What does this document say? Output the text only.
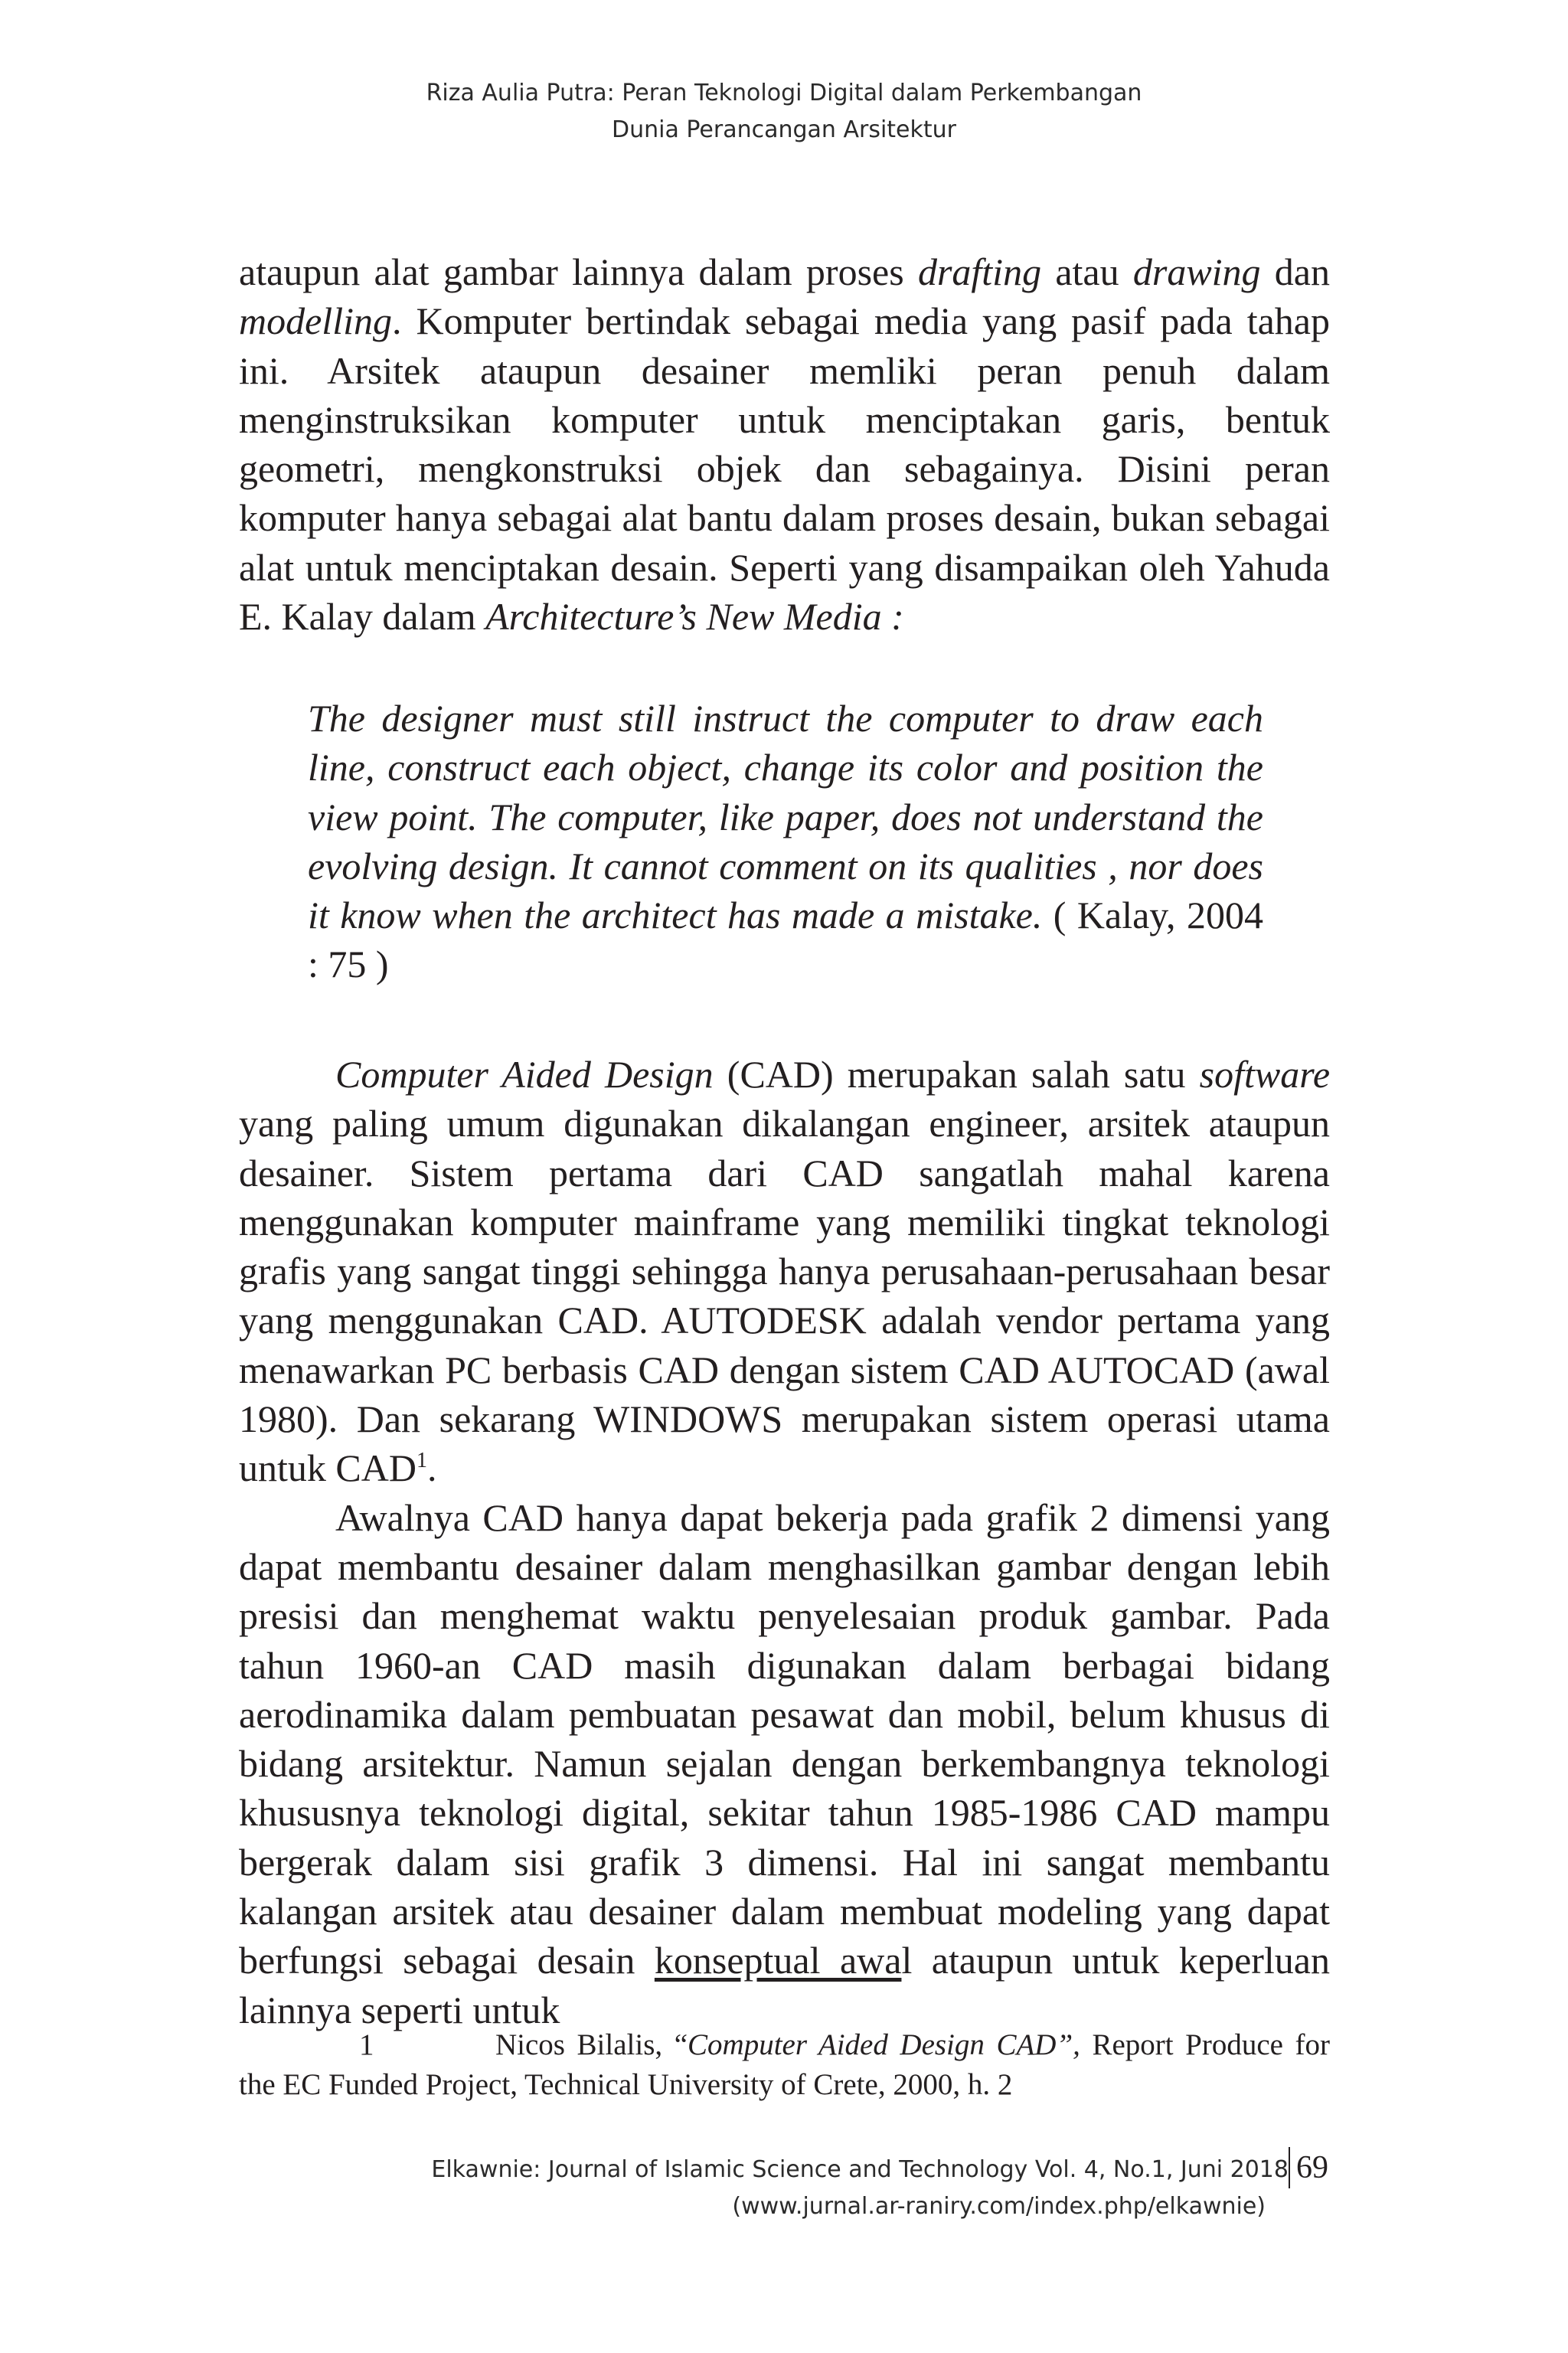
Riza Aulia Putra: Peran Teknologi Digital dalam Perkembangan
Dunia Perancangan Arsitektur

ataupun alat gambar lainnya dalam proses drafting atau drawing dan modelling. Komputer bertindak sebagai media yang pasif pada tahap ini. Arsitek ataupun desainer memliki peran penuh dalam menginstruksikan komputer untuk menciptakan garis, bentuk geometri, mengkonstruksi objek dan sebagainya. Disini peran komputer hanya sebagai alat bantu dalam proses desain, bukan sebagai alat untuk menciptakan desain. Seperti yang disampaikan oleh Yahuda E. Kalay dalam Architecture’s New Media :

The designer must still instruct the computer to draw each line, construct each object, change its color and position the view point. The computer, like paper, does not understand the evolving design. It cannot comment on its qualities , nor does it know when the architect has made a mistake. ( Kalay, 2004 : 75 )

Computer Aided Design (CAD) merupakan salah satu software yang paling umum digunakan dikalangan engineer, arsitek ataupun desainer. Sistem pertama dari CAD sangatlah mahal karena menggunakan komputer mainframe yang memiliki tingkat teknologi grafis yang sangat tinggi sehingga hanya perusahaan-perusahaan besar yang menggunakan CAD. AUTODESK adalah vendor pertama yang menawarkan PC berbasis CAD dengan sistem CAD AUTOCAD (awal 1980). Dan sekarang WINDOWS merupakan sistem operasi utama untuk CAD$^1$.

Awalnya CAD hanya dapat bekerja pada grafik 2 dimensi yang dapat membantu desainer dalam menghasilkan gambar dengan lebih presisi dan menghemat waktu penyelesaian produk gambar. Pada tahun 1960-an CAD masih digunakan dalam berbagai bidang aerodinamika dalam pembuatan pesawat dan mobil, belum khusus di bidang arsitektur. Namun sejalan dengan berkembangnya teknologi khususnya teknologi digital, sekitar tahun 1985-1986 CAD mampu bergerak dalam sisi grafik 3 dimensi. Hal ini sangat membantu kalangan arsitek atau desainer dalam membuat modeling yang dapat berfungsi sebagai desain konseptual awal ataupun untuk keperluan lainnya seperti untuk

1	Nicos Bilalis, “Computer Aided Design CAD”, Report Produce for the EC Funded Project, Technical University of Crete, 2000, h. 2
Elkawnie: Journal of Islamic Science and Technology Vol. 4, No.1, Juni 2018
(www.jurnal.ar-raniry.com/index.php/elkawnie)
69
